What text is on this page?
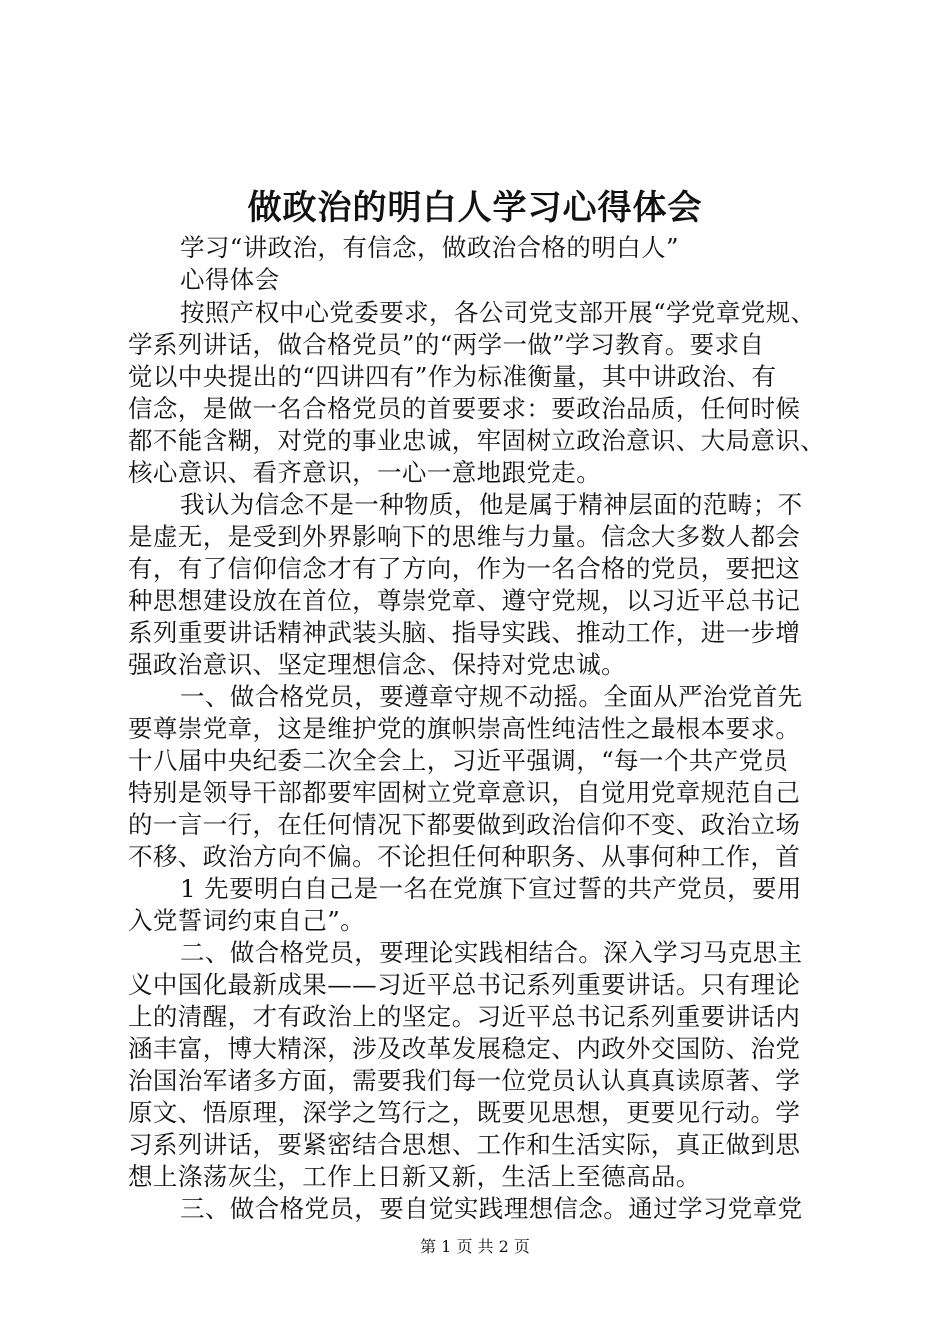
做政治的明白人学习心得体会
学习“讲政治，有信念，做政治合格的明白人”
心得体会
按照产权中心党委要求，各公司党支部开展“学党章党规、
学系列讲话，做合格党员”的“两学一做”学习教育。要求自
觉以中央提出的“四讲四有”作为标准衡量，其中讲政治、有
信念，是做一名合格党员的首要要求：要政治品质，任何时候
都不能含糊，对党的事业忠诚，牢固树立政治意识、大局意识、
核心意识、看齐意识，一心一意地跟党走。
我认为信念不是一种物质，他是属于精神层面的范畴；不
是虚无，是受到外界影响下的思维与力量。信念大多数人都会
有，有了信仰信念才有了方向，作为一名合格的党员，要把这
种思想建设放在首位，尊崇党章、遵守党规，以习近平总书记
系列重要讲话精神武装头脑、指导实践、推动工作，进一步增
强政治意识、坚定理想信念、保持对党忠诚。
一、做合格党员，要遵章守规不动摇。全面从严治党首先
要尊崇党章，这是维护党的旗帜崇高性纯洁性之最根本要求。
十八届中央纪委二次全会上，习近平强调，“每一个共产党员
特别是领导干部都要牢固树立党章意识，自觉用党章规范自己
的一言一行，在任何情况下都要做到政治信仰不变、政治立场
不移、政治方向不偏。不论担任何种职务、从事何种工作，首
1 先要明白自己是一名在党旗下宣过誓的共产党员，要用
入党誓词约束自己”。
二、做合格党员，要理论实践相结合。深入学习马克思主
义中国化最新成果——习近平总书记系列重要讲话。只有理论
上的清醒，才有政治上的坚定。习近平总书记系列重要讲话内
涵丰富，博大精深，涉及改革发展稳定、内政外交国防、治党
治国治军诸多方面，需要我们每一位党员认认真真读原著、学
原文、悟原理，深学之笃行之，既要见思想，更要见行动。学
习系列讲话，要紧密结合思想、工作和生活实际，真正做到思
想上涤荡灰尘，工作上日新又新，生活上至德高品。
三、做合格党员，要自觉实践理想信念。通过学习党章党
第 1 页 共 2 页
